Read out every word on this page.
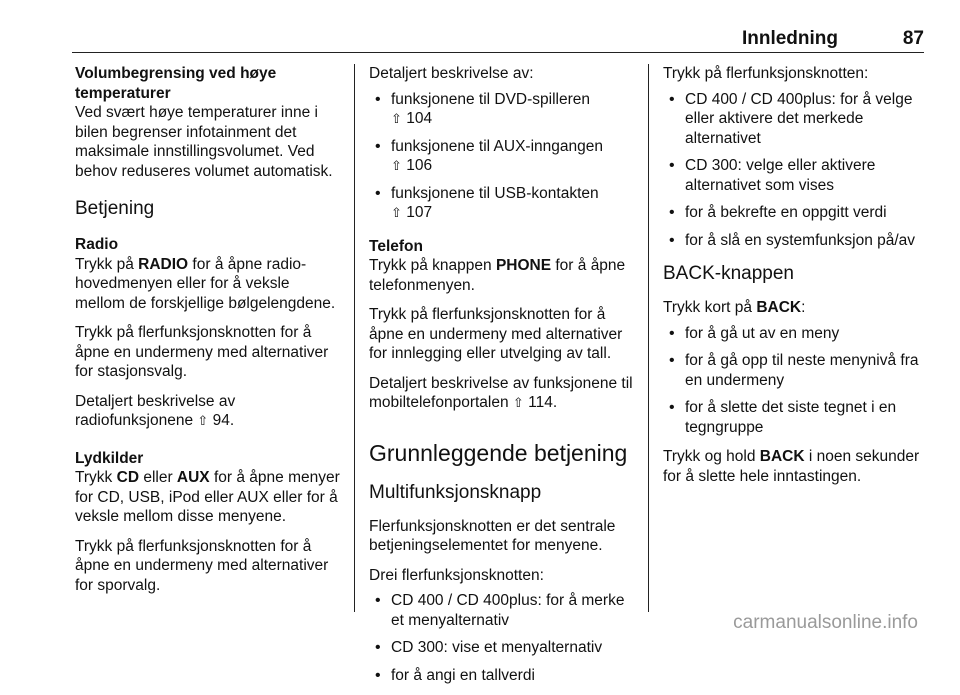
Innledning	87
Volumbegrensing ved høye temperaturer

Ved svært høye temperaturer inne i bilen begrenser infotainment det maksimale innstillingsvolumet. Ved behov reduseres volumet automatisk.

Betjening
Radio

Trykk på RADIO for å åpne radio-hovedmenyen eller for å veksle mellom de forskjellige bølgelengdene.

Trykk på flerfunksjonsknotten for å åpne en undermeny med alternativer for stasjonsvalg.

Detaljert beskrivelse av radiofunksjonene ⇧ 94.

Lydkilder

Trykk CD eller AUX for å åpne menyer for CD, USB, iPod eller AUX eller for å veksle mellom disse menyene.

Trykk på flerfunksjonsknotten for å åpne en undermeny med alternativer for sporvalg.

Detaljert beskrivelse av:

• funksjonene til DVD-spilleren
⇧ 104
• funksjonene til AUX-inngangen
⇧ 106
• funksjonene til USB-kontakten
⇧ 107
Telefon

Trykk på knappen PHONE for å åpne telefonmenyen.

Trykk på flerfunksjonsknotten for å åpne en undermeny med alternativer for innlegging eller utvelging av tall.

Detaljert beskrivelse av funksjonene til mobiltelefonportalen ⇧ 114.

Grunnleggende betjening
Multifunksjonsknapp

Flerfunksjonsknotten er det sentrale betjeningselementet for menyene.

Drei flerfunksjonsknotten:

• CD 400 / CD 400plus: for å merke et menyalternativ
• CD 300: vise et menyalternativ
• for å angi en tallverdi

Trykk på flerfunksjonsknotten:

• CD 400 / CD 400plus: for å velge eller aktivere det merkede alternativet
• CD 300: velge eller aktivere alternativet som vises
• for å bekrefte en oppgitt verdi
• for å slå en systemfunksjon på/av
BACK-knappen

Trykk kort på BACK:

• for å gå ut av en meny
• for å gå opp til neste menynivå fra en undermeny
• for å slette det siste tegnet i en tegngruppe

Trykk og hold BACK i noen sekunder for å slette hele inntastingen.

carmanualsonline.info
